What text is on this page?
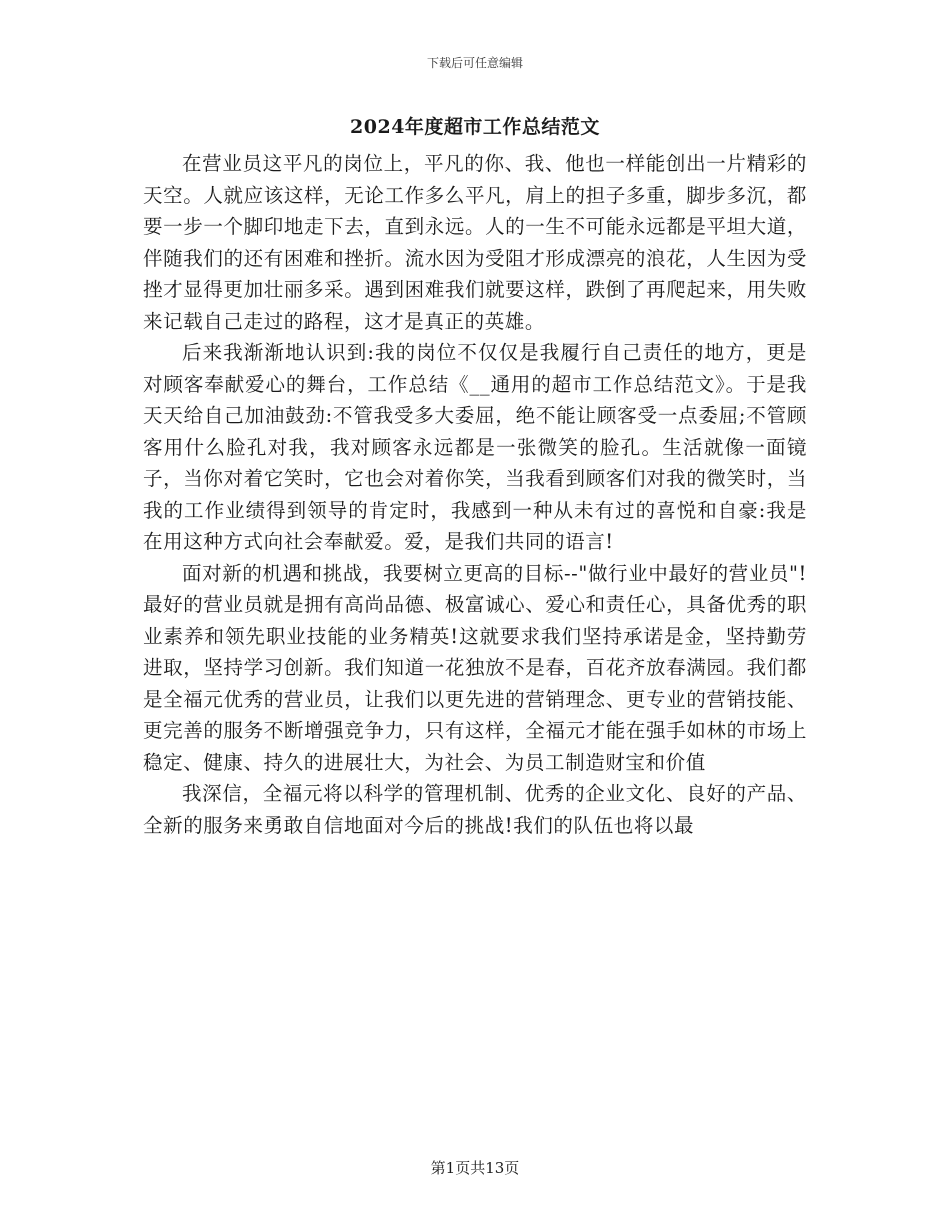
下载后可任意编辑
2024年度超市工作总结范文

在营业员这平凡的岗位上，平凡的你、我、他也一样能创出一片精彩的天空。人就应该这样，无论工作多么平凡，肩上的担子多重，脚步多沉，都要一步一个脚印地走下去，直到永远。人的一生不可能永远都是平坦大道，伴随我们的还有困难和挫折。流水因为受阻才形成漂亮的浪花，人生因为受挫才显得更加壮丽多采。遇到困难我们就要这样，跌倒了再爬起来，用失败来记载自己走过的路程，这才是真正的英雄。

后来我渐渐地认识到:我的岗位不仅仅是我履行自己责任的地方，更是对顾客奉献爱心的舞台，工作总结《__通用的超市工作总结范文》。于是我天天给自己加油鼓劲:不管我受多大委屈，绝不能让顾客受一点委屈;不管顾客用什么脸孔对我，我对顾客永远都是一张微笑的脸孔。生活就像一面镜子，当你对着它笑时，它也会对着你笑，当我看到顾客们对我的微笑时，当我的工作业绩得到领导的肯定时，我感到一种从未有过的喜悦和自豪:我是在用这种方式向社会奉献爱。爱，是我们共同的语言!

面对新的机遇和挑战，我要树立更高的目标--"做行业中最好的营业员"!最好的营业员就是拥有高尚品德、极富诚心、爱心和责任心，具备优秀的职业素养和领先职业技能的业务精英!这就要求我们坚持承诺是金，坚持勤劳进取，坚持学习创新。我们知道一花独放不是春，百花齐放春满园。我们都是全福元优秀的营业员，让我们以更先进的营销理念、更专业的营销技能、更完善的服务不断增强竞争力，只有这样，全福元才能在强手如林的市场上稳定、健康、持久的进展壮大，为社会、为员工制造财宝和价值

我深信，全福元将以科学的管理机制、优秀的企业文化、良好的产品、全新的服务来勇敢自信地面对今后的挑战!我们的队伍也将以最

第1页共13页
